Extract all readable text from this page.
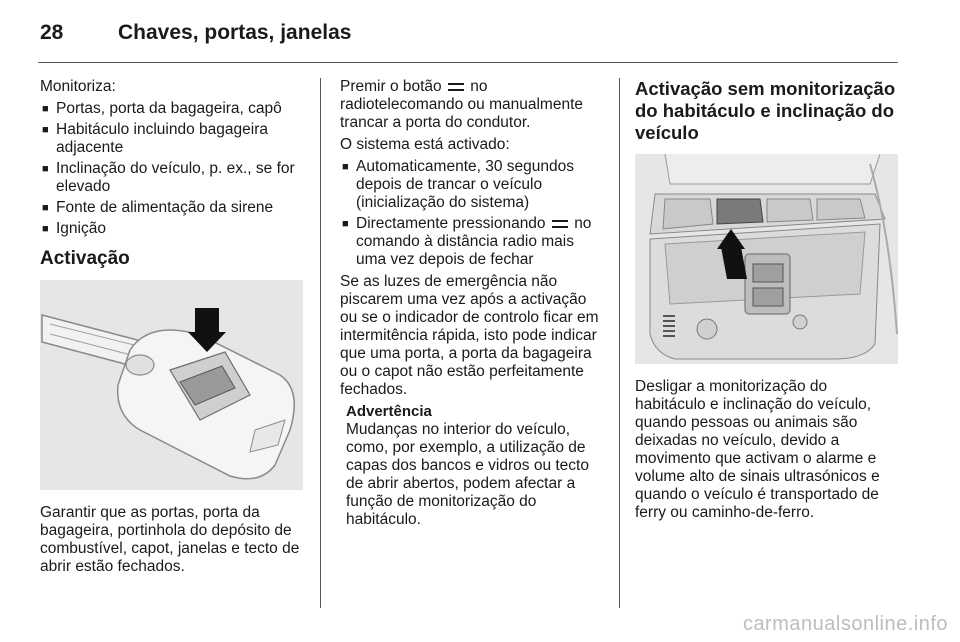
28	Chaves, portas, janelas

Monitoriza:

■ Portas, porta da bagageira, capô
■ Habitáculo incluindo bagageira adjacente
■ Inclinação do veículo, p. ex., se for elevado
■ Fonte de alimentação da sirene
■ Ignição
Activação

Garantir que as portas, porta da bagageira, portinhola do depósito de combustível, capot, janelas e tecto de abrir estão fechados.

Premir o botão no radiotelecomando ou manualmente trancar a porta do condutor.

O sistema está activado:

■ Automaticamente, 30 segundos depois de trancar o veículo (inicialização do sistema)
■ Directamente pressionando no comando à distância radio mais uma vez depois de fechar

Se as luzes de emergência não piscarem uma vez após a activação ou se o indicador de controlo ficar em intermitência rápida, isto pode indicar que uma porta, a porta da bagageira ou o capot não estão perfeitamente fechados.

Advertência
Mudanças no interior do veículo, como, por exemplo, a utilização de capas dos bancos e vidros ou tecto de abrir abertos, podem afectar a função de monitorização do habitáculo.
Activação sem monitorização do habitáculo e inclinação do veículo

Desligar a monitorização do habitáculo e inclinação do veículo, quando pessoas ou animais são deixadas no veículo, devido a movimento que activam o alarme e volume alto de sinais ultrasónicos e quando o veículo é transportado de ferry ou caminho-de-ferro.

carmanualsonline.info
